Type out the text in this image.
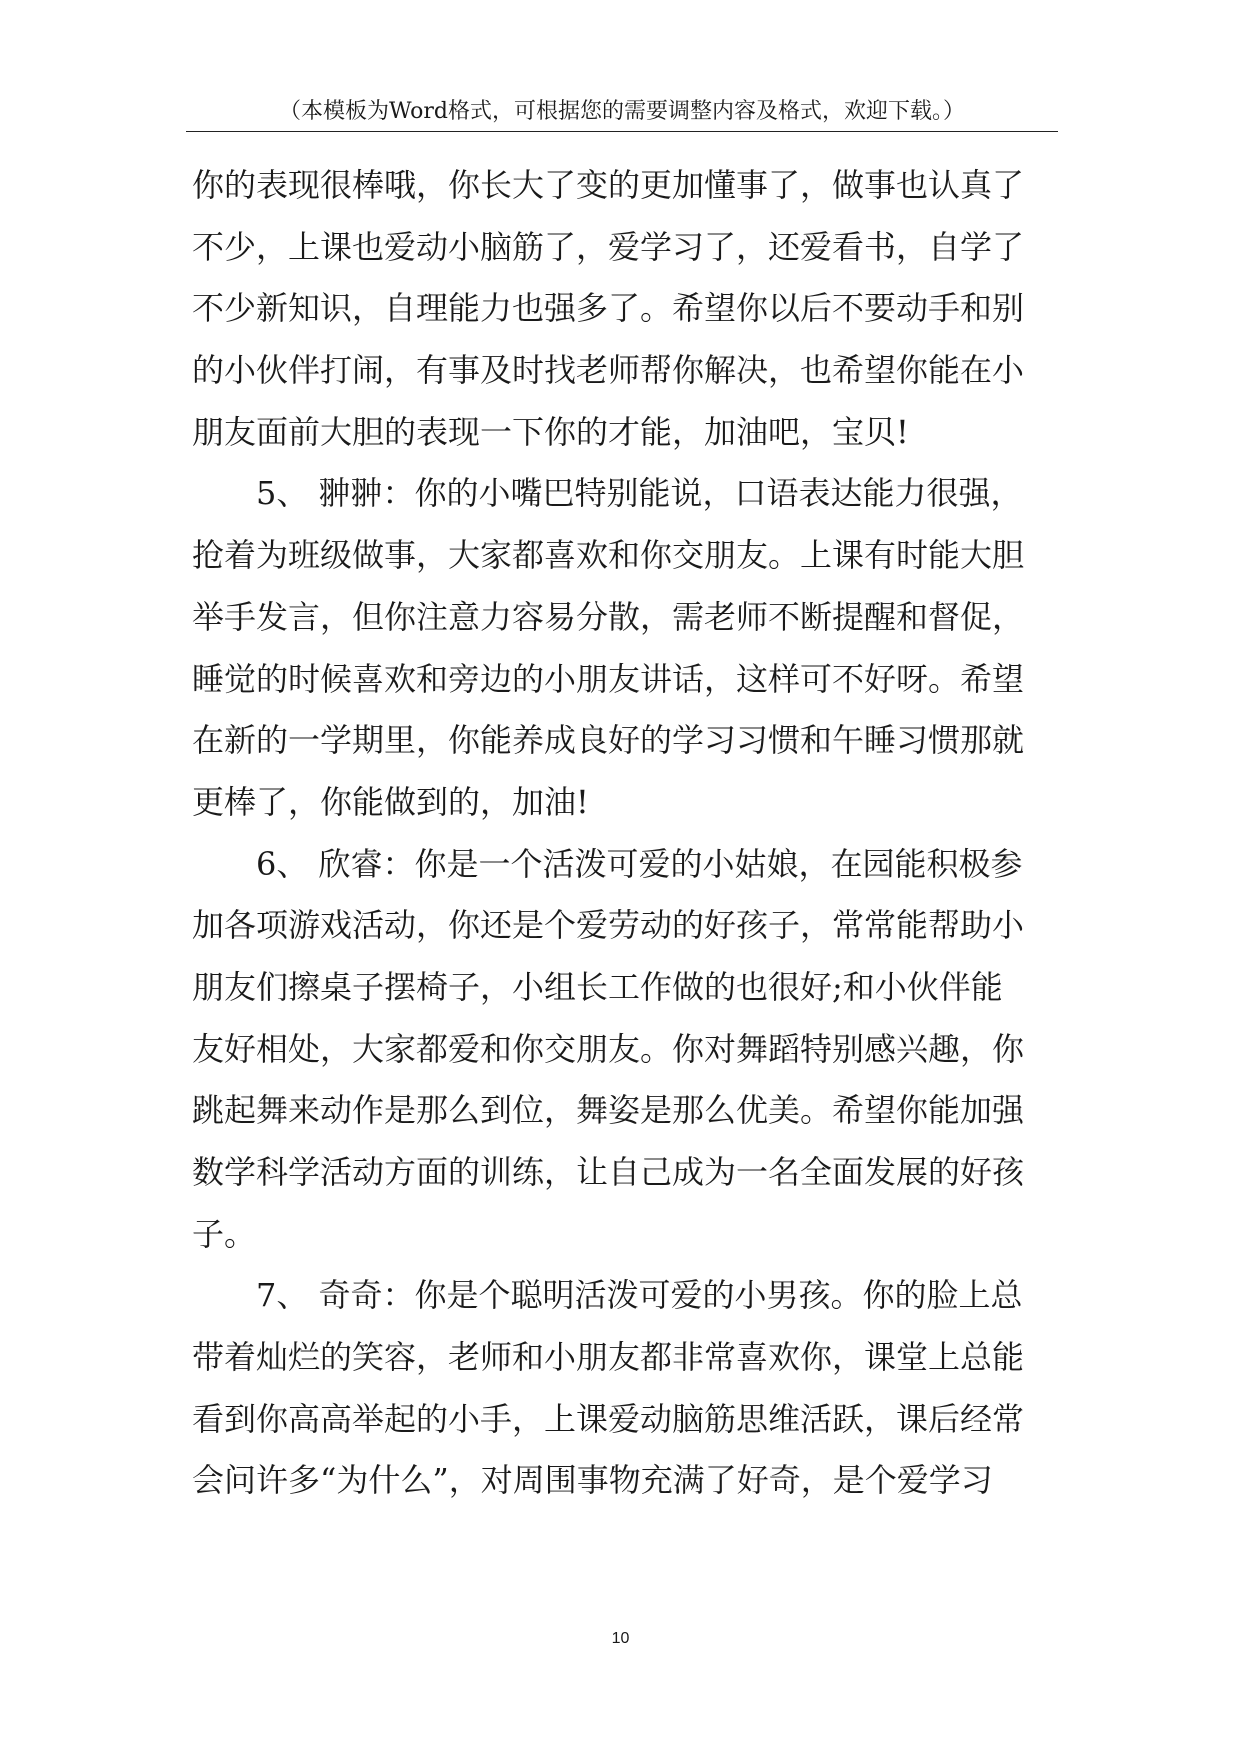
（本模板为Word格式，可根据您的需要调整内容及格式，欢迎下载。）
你的表现很棒哦，你长大了变的更加懂事了，做事也认真了
不少，上课也爱动小脑筋了，爱学习了，还爱看书，自学了
不少新知识，自理能力也强多了。希望你以后不要动手和别
的小伙伴打闹，有事及时找老师帮你解决，也希望你能在小
朋友面前大胆的表现一下你的才能，加油吧，宝贝!
5、 翀翀：你的小嘴巴特别能说，口语表达能力很强，
抢着为班级做事，大家都喜欢和你交朋友。上课有时能大胆
举手发言，但你注意力容易分散，需老师不断提醒和督促，
睡觉的时候喜欢和旁边的小朋友讲话，这样可不好呀。希望
在新的一学期里，你能养成良好的学习习惯和午睡习惯那就
更棒了，你能做到的，加油!
6、 欣睿：你是一个活泼可爱的小姑娘，在园能积极参
加各项游戏活动，你还是个爱劳动的好孩子，常常能帮助小
朋友们擦桌子摆椅子，小组长工作做的也很好;和小伙伴能
友好相处，大家都爱和你交朋友。你对舞蹈特别感兴趣，你
跳起舞来动作是那么到位，舞姿是那么优美。希望你能加强
数学科学活动方面的训练，让自己成为一名全面发展的好孩
子。
7、 奇奇：你是个聪明活泼可爱的小男孩。你的脸上总
带着灿烂的笑容，老师和小朋友都非常喜欢你，课堂上总能
看到你高高举起的小手，上课爱动脑筋思维活跃，课后经常
会问许多“为什么”，对周围事物充满了好奇，是个爱学习
10
